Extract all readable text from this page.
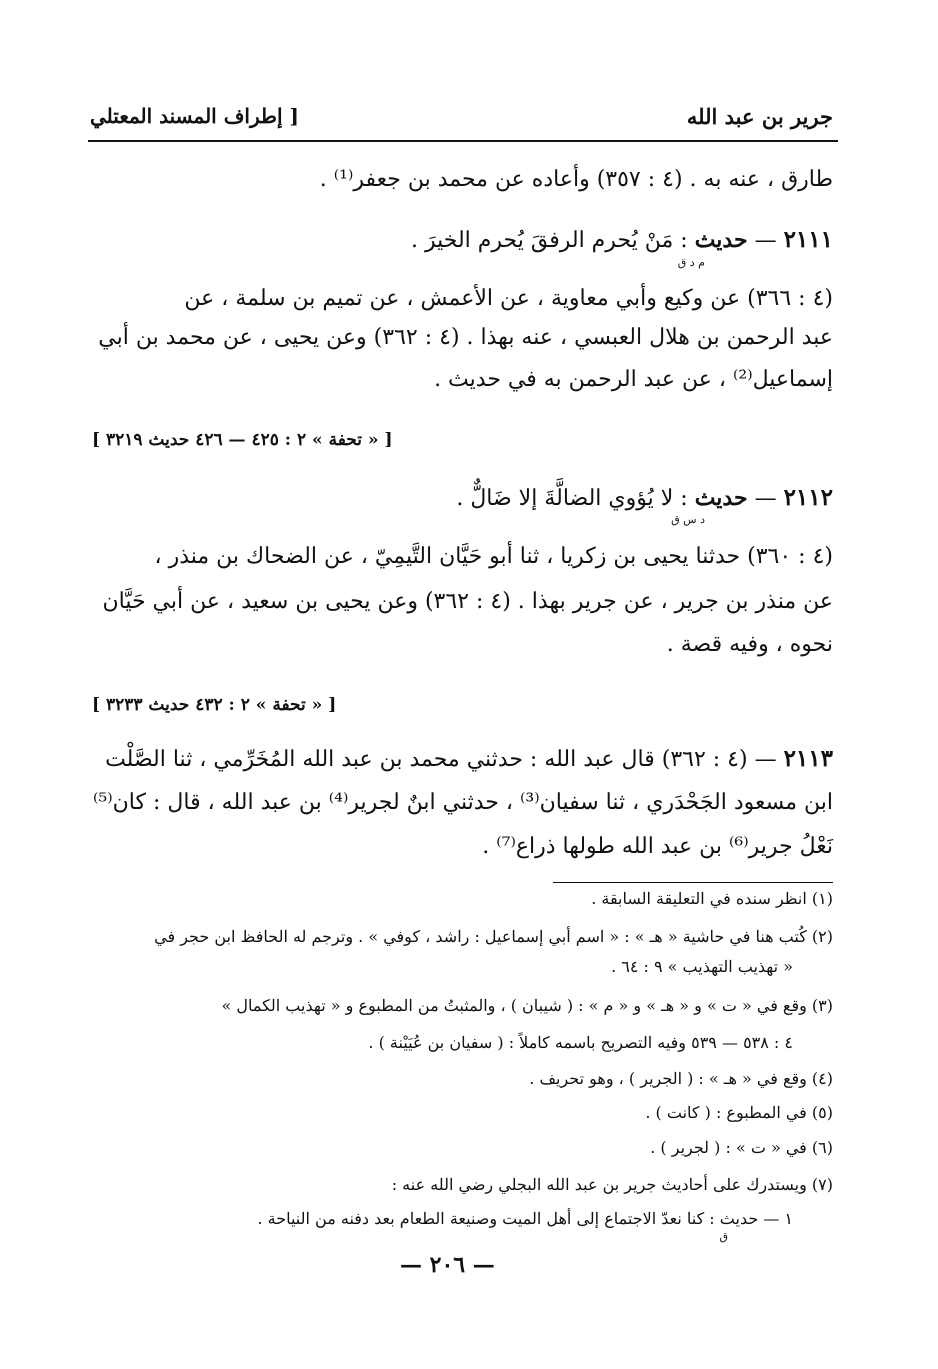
جرير بن عبد الله
[ إطراف المسند المعتلي
طارق ، عنه به . (٤ : ٣٥٧) وأعاده عن محمد بن جعفر⁽¹⁾ .
٢١١١ — حديث : مَنْ يُحرم الرفقَ يُحرم الخيرَ .
م د ق
(٤ : ٣٦٦) عن وكيع وأبي معاوية ، عن الأعمش ، عن تميم بن سلمة ، عن
عبد الرحمن بن هلال العبسي ، عنه بهذا . (٤ : ٣٦٢) وعن يحيى ، عن محمد بن أبي
إسماعيل⁽²⁾ ، عن عبد الرحمن به في حديث .
[ « تحفة » ٢ : ٤٢٥ — ٤٢٦ حديث ٣٢١٩ ]
٢١١٢ — حديث : لا يُؤوي الضالَّةَ إلا ضَالٌّ .
د س ق
(٤ : ٣٦٠) حدثنا يحيى بن زكريا ، ثنا أبو حَيَّان التَّيمِيّ ، عن الضحاك بن منذر ،
عن منذر بن جرير ، عن جرير بهذا . (٤ : ٣٦٢) وعن يحيى بن سعيد ، عن أبي حَيَّان
نحوه ، وفيه قصة .
[ « تحفة » ٢ : ٤٣٢ حديث ٣٢٣٣ ]
٢١١٣ — (٤ : ٣٦٢) قال عبد الله : حدثني محمد بن عبد الله المُخَرِّمي ، ثنا الصَّلْت
ابن مسعود الجَحْدَري ، ثنا سفيان⁽³⁾ ، حدثني ابنٌ لجرير⁽⁴⁾ بن عبد الله ، قال : كان⁽⁵⁾
نَعْلُ جرير⁽⁶⁾ بن عبد الله طولها ذراع⁽⁷⁾ .
(١) انظر سنده في التعليقة السابقة .
(٢) كُتب هنا في حاشية « هـ » : « اسم أبي إسماعيل : راشد ، كوفي » . وترجم له الحافظ ابن حجر في
« تهذيب التهذيب » ٩ : ٦٤ .
(٣) وقع في « ت » و « هـ » و « م » : ( شيبان ) ، والمثبتُ من المطبوع و « تهذيب الكمال »
٤ : ٥٣٨ — ٥٣٩ وفيه التصريح باسمه كاملاً : ( سفيان بن عُيَيْنة ) .
(٤) وقع في « هـ » : ( الجرير ) ، وهو تحريف .
(٥) في المطبوع : ( كانت ) .
(٦) في « ت » : ( لجرير ) .
(٧) ويستدرك على أحاديث جرير بن عبد الله البجلي رضي الله عنه :
١ — حديث : كنا نعدّ الاجتماع إلى أهل الميت وصنيعة الطعام بعد دفنه من النياحة .
ق
— ٢٠٦ —
